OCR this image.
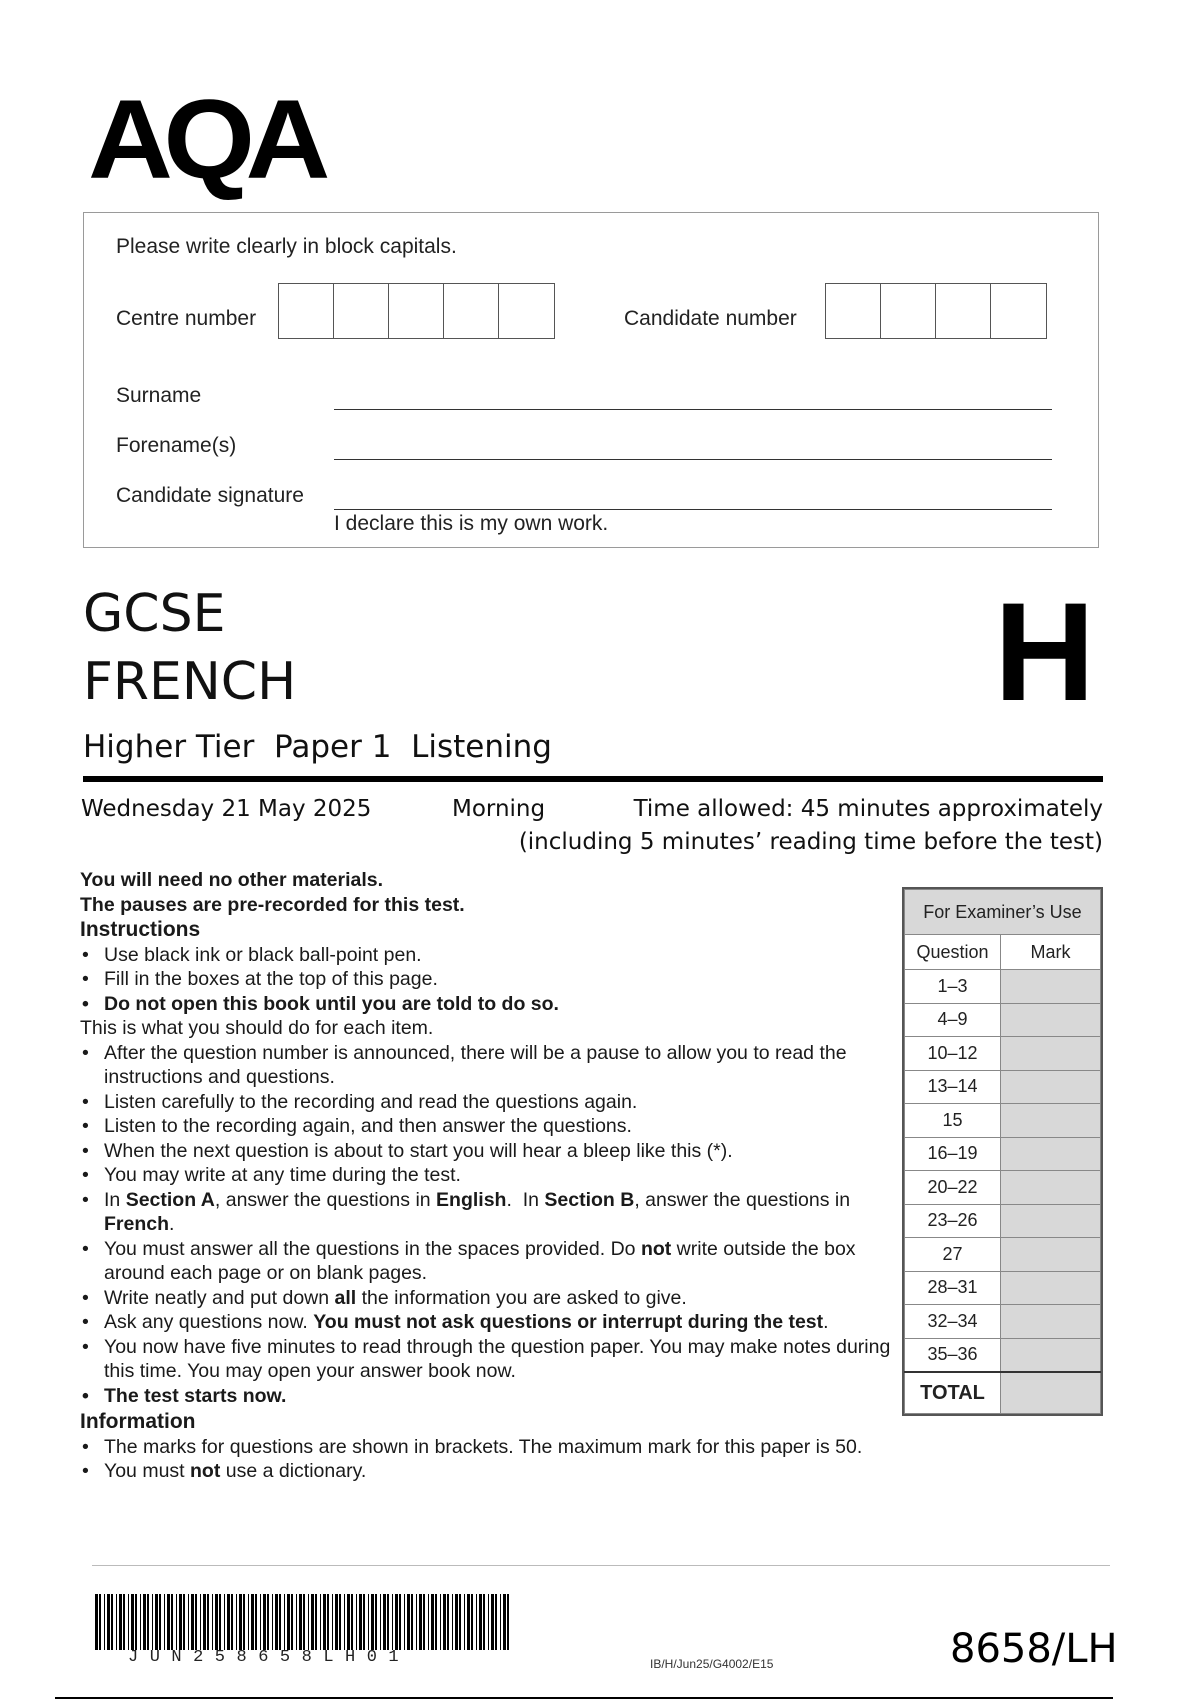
AQA
Please write clearly in block capitals.
Centre number	Candidate number
Surname
Forename(s)
Candidate signature
I declare this is my own work.
GCSE
FRENCH	H
Higher Tier  Paper 1  Listening
Wednesday 21 May 2025	Morning	Time allowed: 45 minutes approximately
(including 5 minutes’ reading time before the test)

You will need no other materials.

The pauses are pre-recorded for this test.

Instructions

• Use black ink or black ball-point pen.
• Fill in the boxes at the top of this page.
• Do not open this book until you are told to do so.

This is what you should do for each item.

• After the question number is announced, there will be a pause to allow you to read the instructions and questions.
• Listen carefully to the recording and read the questions again.
• Listen to the recording again, and then answer the questions.
• When the next question is about to start you will hear a bleep like this (*).
• You may write at any time during the test.
• In Section A, answer the questions in English.  In Section B, answer the questions in French.
• You must answer all the questions in the spaces provided. Do not write outside the box around each page or on blank pages.
• Write neatly and put down all the information you are asked to give.
• Ask any questions now. You must not ask questions or interrupt during the test.
• You now have five minutes to read through the question paper. You may make notes during this time. You may open your answer book now.
• The test starts now.

Information

• The marks for questions are shown in brackets. The maximum mark for this paper is 50.
• You must not use a dictionary.
For Examiner’s Use	
Question	Mark
1–3	
4–9	
10–12	
13–14	
15	
16–19	
20–22	
23–26	
27	
28–31	
32–34	
35–36	
TOTAL	
JUN258658LH01	IB/H/Jun25/G4002/E15	8658/LH
